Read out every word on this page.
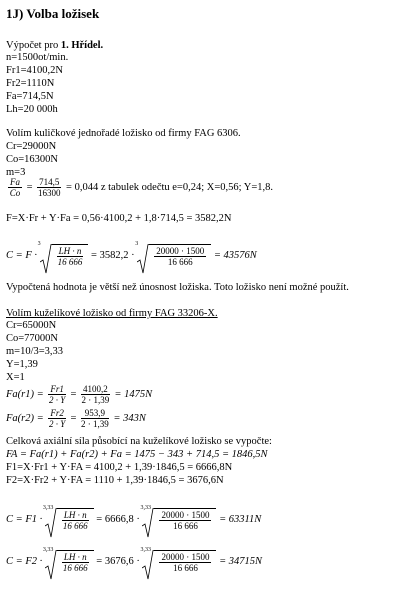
1J) Volba ložisek
Výpočet pro 1. Hřídel.
n=1500ot/min.
Fr1=4100,2N
Fr2=1110N
Fa=714,5N
Lh=20 000h
Volím kuličkové jednořadé ložisko od firmy FAG 6306.
Cr=29000N
Co=16300N
m=3
$\frac{Fa}{Co} = \frac{714,5}{16300} = 0,044$ z tabulek odečtu e=0,24; X=0,56; Y=1,8.
F=X·Fr + Y·Fa = 0,56·4100,2 + 1,8·714,5 = 3582,2N
C = F ·
3
$\frac{LH \cdot n}{16 666} = 3582,2$ ·
3
$\frac{20000 \cdot 1500}{16 666} = 43576N$
Vypočtená hodnota je větší než únosnost ložiska. Toto ložisko není možné použít.
Volím kuželíkové ložisko od firmy FAG 33206-X.
Cr=65000N
Co=77000N
m=10/3=3,33
Y=1,39
X=1
$Fa(r1) = \frac{Fr1}{2 \cdot Y} = \frac{4100,2}{2 \cdot 1,39} = 1475N$
$Fa(r2) = \frac{Fr2}{2 \cdot Y} = \frac{953,9}{2 \cdot 1,39} = 343N$
Celková axiální síla působící na kuželíkové ložisko se vypočte:
FA = Fa(r1) + Fa(r2) + Fa = 1475 − 343 + 714,5 = 1846,5N
F1=X·Fr1 + Y·FA = 4100,2 + 1,39·1846,5 = 6666,8N
F2=X·Fr2 + Y·FA = 1110 + 1,39·1846,5 = 3676,6N
C = F1 ·
3,33
$\frac{LH \cdot n}{16 666} = 6666,8$ ·
3,33
$\frac{20000 \cdot 1500}{16 666} = 63311N$
C = F2 ·
3,33
$\frac{LH \cdot n}{16 666} = 3676,6$ ·
3,33
$\frac{20000 \cdot 1500}{16 666} = 34715N$
